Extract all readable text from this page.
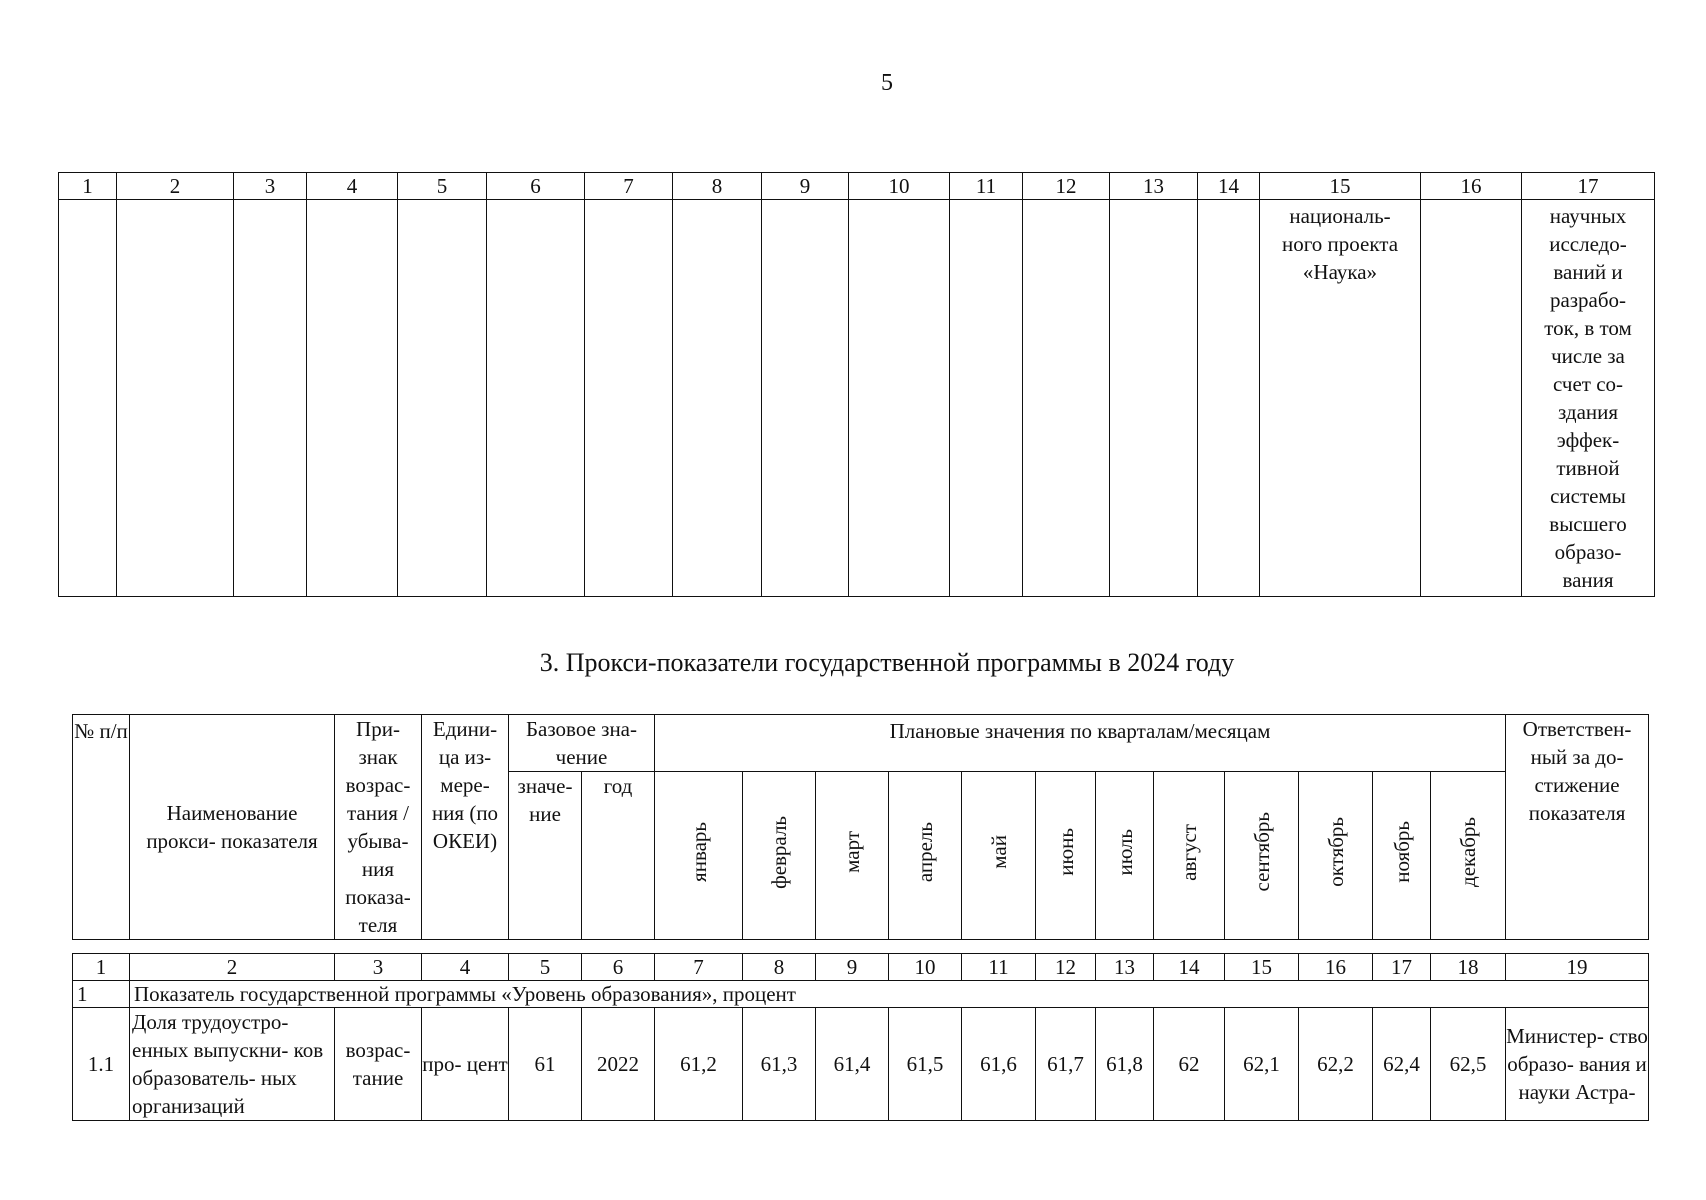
5
1	2	3	4	5	6	7	8	9	10	11	12	13	14	15	16	17
														националь- ного проекта «Наука»		научных исследо- ваний и разрабо- ток, в том числе за счет со- здания эффек- тивной системы высшего образо- вания
3. Прокси-показатели государственной программы в 2024 году
№ п/п	Наименование прокси- показателя	При- знак возрас- тания / убыва- ния показа- теля	Едини- ца из- мере- ния (по ОКЕИ)	Базовое зна- чение		Плановые значения по кварталам/месяцам												Ответствен- ный за до- стижение показателя
				значе- ние	год	январь	февраль	март	апрель	май	июнь	июль	август	сентябрь	октябрь	ноябрь	декабрь	
1	2	3	4	5	6	7	8	9	10	11	12	13	14	15	16	17	18	19
1	Показатель государственной программы «Уровень образования», процент																	
1.1	Доля трудоустро- енных выпускни- ков образователь- ных организаций	возрас- тание	про- цент	61	2022	61,2	61,3	61,4	61,5	61,6	61,7	61,8	62	62,1	62,2	62,4	62,5	Министер- ство образо- вания и науки Астра-
